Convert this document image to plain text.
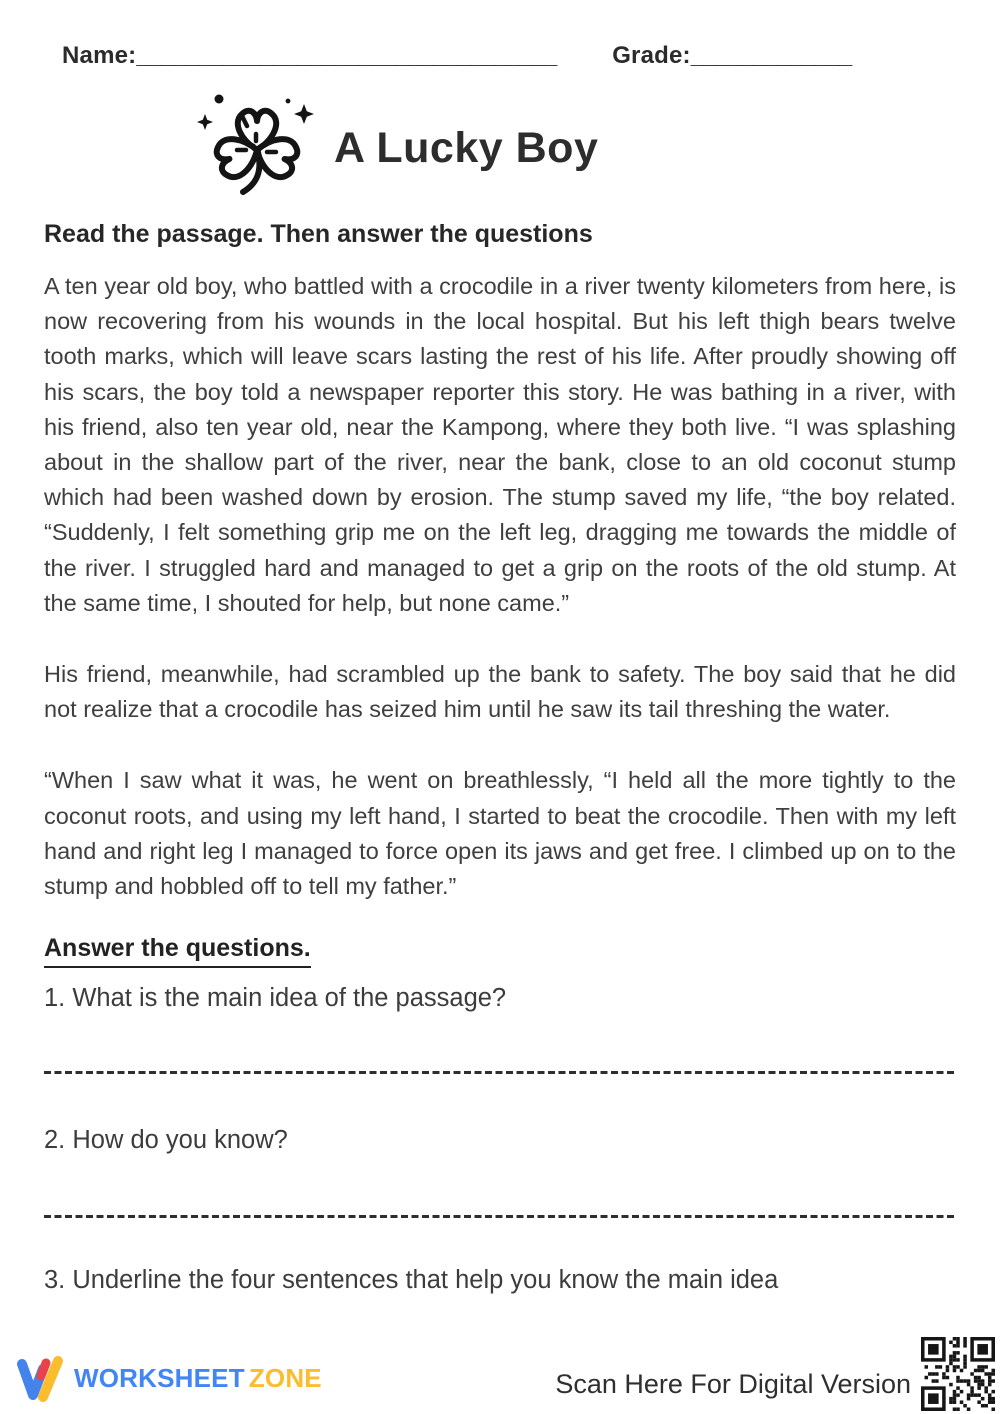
Name:__________________________________ Grade:_____________
A Lucky Boy
Read the passage. Then answer the questions

A ten year old boy, who battled with a crocodile in a river twenty kilometers from here, is now recovering from his wounds in the local hospital. But his left thigh bears twelve tooth marks, which will leave scars lasting the rest of his life. After proudly showing off his scars, the boy told a newspaper reporter this story. He was bathing in a river, with his friend, also ten year old, near the Kampong, where they both live. “I was splashing about in the shallow part of the river, near the bank, close to an old coconut stump which had been washed down by erosion. The stump saved my life, “the boy related. “Suddenly, I felt something grip me on the left leg, dragging me towards the middle of the river. I struggled hard and managed to get a grip on the roots of the old stump. At the same time, I shouted for help, but none came.”

His friend, meanwhile, had scrambled up the bank to safety. The boy said that he did not realize that a crocodile has seized him until he saw its tail threshing the water.

“When I saw what it was, he went on breathlessly, “I held all the more tightly to the coconut roots, and using my left hand, I started to beat the crocodile. Then with my left hand and right leg I managed to force open its jaws and get free. I climbed up on to the stump and hobbled off to tell my father.”

Answer the questions.
1. What is the main idea of the passage?
2. How do you know?
3. Underline the four sentences that help you know the main idea
WORKSHEET ZONE	Scan Here For Digital Version
